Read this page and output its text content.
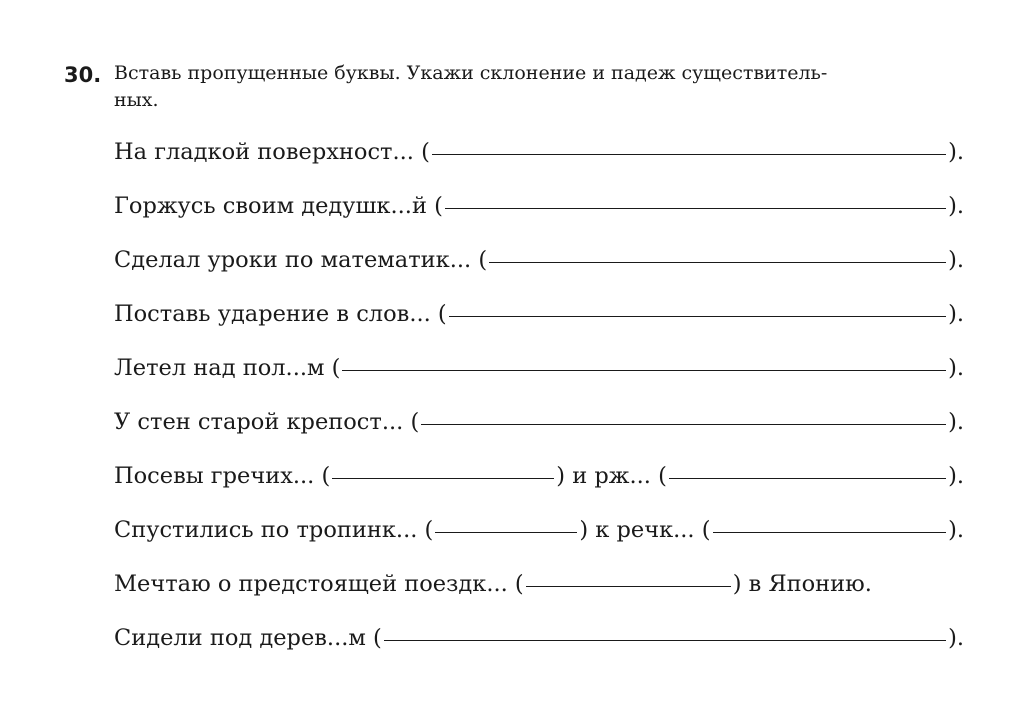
30. Вставь пропущенные буквы. Укажи склонение и падеж существитель-
ных.
На гладкой поверхност... (	).
Горжусь своим дедушк...й (	).
Сделал уроки по математик... (	).
Поставь ударение в слов... (	).
Летел над пол...м (	).
У стен старой крепост... (	).
Посевы гречих... (	) и рж... (	).
Спустились по тропинк... (	) к речк... (	).
Мечтаю о предстоящей поездк... (	) в Японию.
Сидели под дерев...м (	).
